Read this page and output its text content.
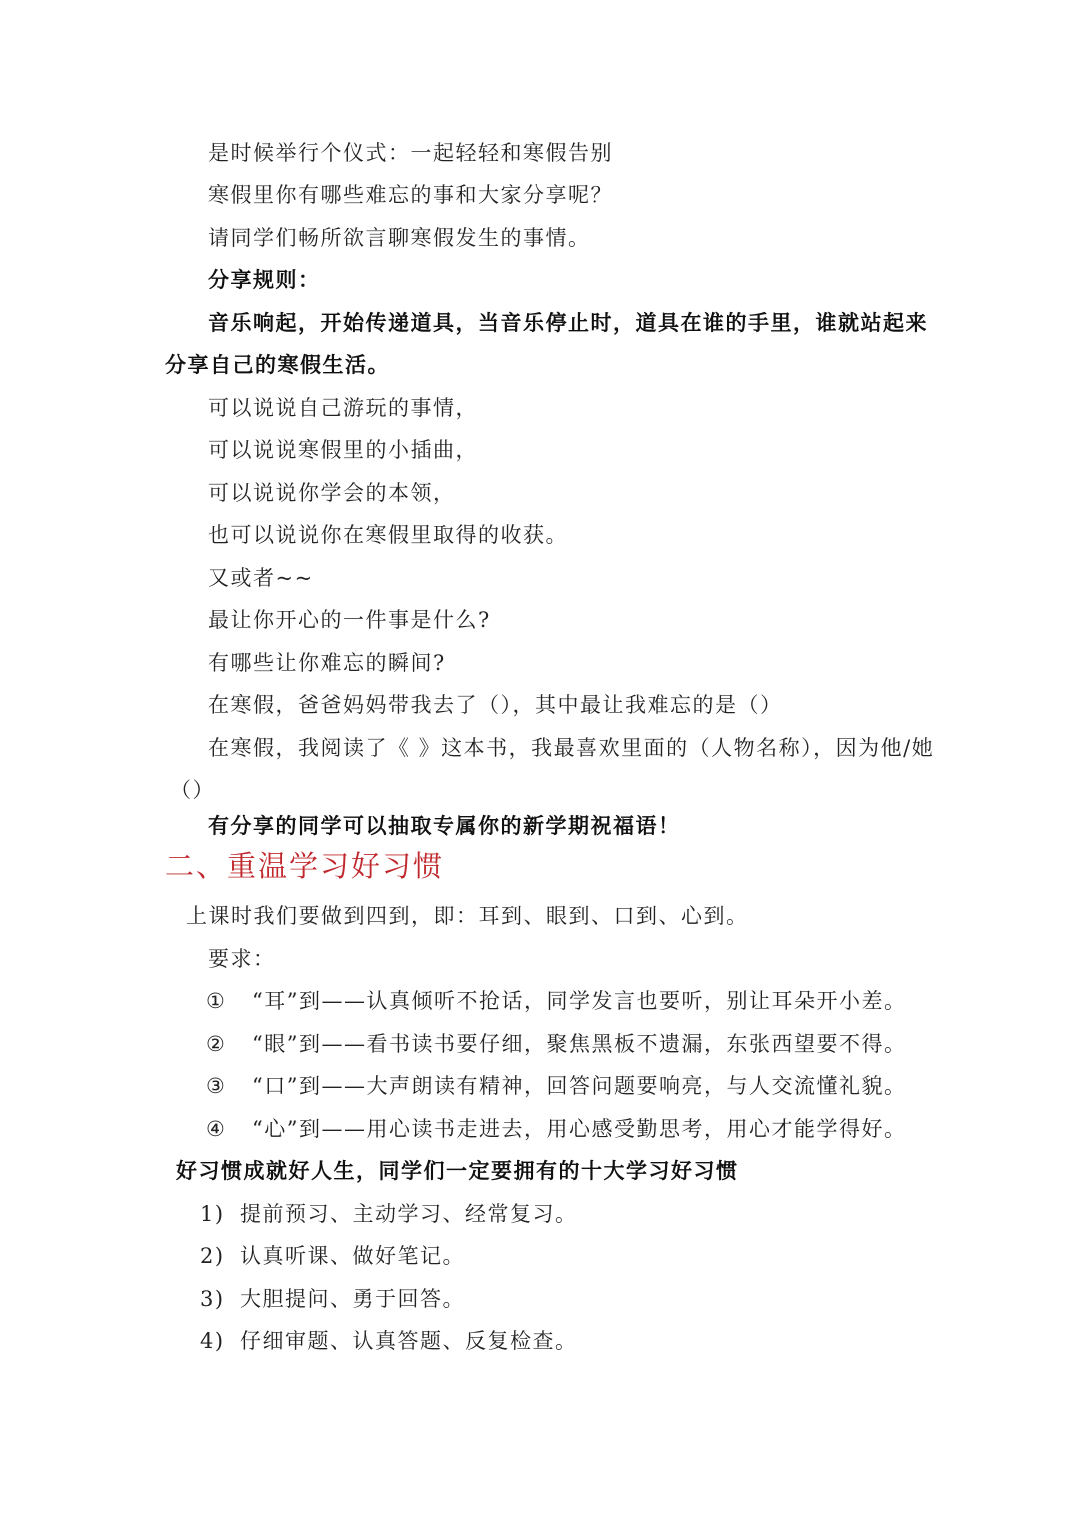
是时候举行个仪式：一起轻轻和寒假告别
寒假里你有哪些难忘的事和大家分享呢？
请同学们畅所欲言聊寒假发生的事情。
分享规则：
音乐响起，开始传递道具，当音乐停止时，道具在谁的手里，谁就站起来
分享自己的寒假生活。
可以说说自己游玩的事情，
可以说说寒假里的小插曲，
可以说说你学会的本领，
也可以说说你在寒假里取得的收获。
又或者~~
最让你开心的一件事是什么?
有哪些让你难忘的瞬间?
在寒假，爸爸妈妈带我去了（），其中最让我难忘的是（）
在寒假，我阅读了《 》这本书，我最喜欢里面的（人物名称），因为他/她
（）
有分享的同学可以抽取专属你的新学期祝福语！
二、重温学习好习惯
上课时我们要做到四到，即：耳到、眼到、口到、心到。
要求：
① “耳”到——认真倾听不抢话，同学发言也要听，别让耳朵开小差。
② “眼”到——看书读书要仔细，聚焦黑板不遗漏，东张西望要不得。
③ “口”到——大声朗读有精神，回答问题要响亮，与人交流懂礼貌。
④ “心”到——用心读书走进去，用心感受勤思考，用心才能学得好。
好习惯成就好人生，同学们一定要拥有的十大学习好习惯
1) 提前预习、主动学习、经常复习。
2) 认真听课、做好笔记。
3) 大胆提问、勇于回答。
4) 仔细审题、认真答题、反复检查。
